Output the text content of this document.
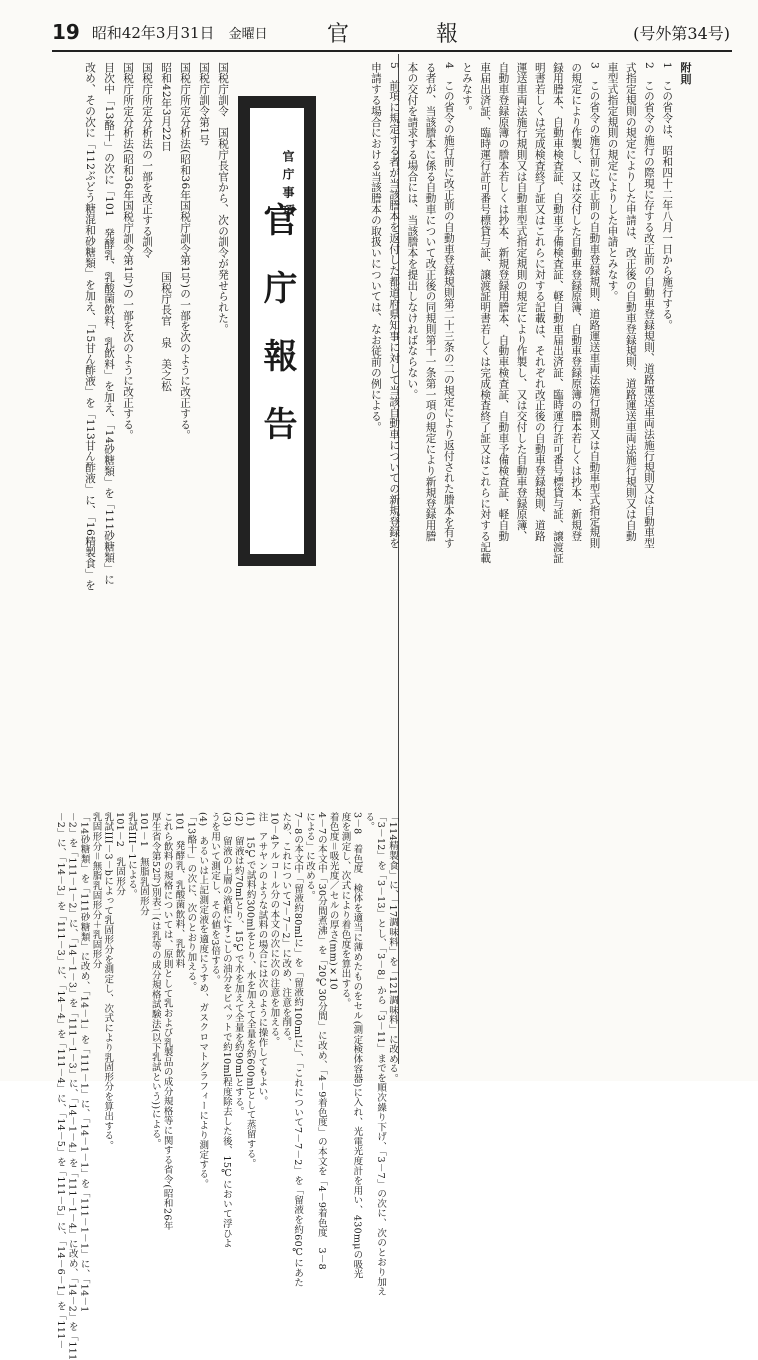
19 昭和42年3月31日 金曜日	官 報	(号外第34号)
附則
官庁報告
官庁事項	1　この省令は、昭和四十二年八月一日から施行する。
2　この省令の施行の際現に存する改正前の自動車登録規則、道路運送車両法施行規則又は自動車型
式指定規則の規定によりした申請は、改正後の自動車登録規則、道路運送車両法施行規則又は自動
車型式指定規則の規定によりした申請とみなす。
3　この省令の施行前に改正前の自動車登録規則、道路運送車両法施行規則又は自動車型式指定規則
の規定により作製し、又は交付した自動車登録原簿、自動車登録原簿の謄本若しくは抄本、新規登
録用謄本、自動車検査証、自動車予備検査証、軽自動車届出済証、臨時運行許可番号標貸与証、譲渡証
明書若しくは完成検査終了証又はこれらに対する記載は、それぞれ改正後の自動車登録規則、道路
運送車両法施行規則又は自動車型式指定規則の規定により作製し、又は交付した自動車登録原簿、
自動車登録原簿の謄本若しくは抄本、新規登録用謄本、自動車検査証、自動車予備検査証、軽自動
車届出済証、臨時運行許可番号標貸与証、譲渡証明書若しくは完成検査終了証又はこれらに対する記載
とみなす。
4　この省令の施行前に改正前の自動車登録規則第二十三条の二の規定により返付された謄本を有す
る者が、当該謄本に係る自動車について改正後の同規則第十一条第一項の規定により新規登録用謄
本の交付を請求する場合には、当該謄本を提出しなければならない。
5　前項に規定する者が当該謄本を返付した都道府県知事に対して当該自動車についての新規登録を
申請する場合における当該謄本の取扱いについては、なお従前の例による。
国税庁訓令　国税庁長官から、次の訓令が発せられた。
国税庁訓令第1号
国税庁所定分析法(昭和36年国税庁訓令第1号)の一部を次のように改正する。
昭和42年3月22日　　　　　　　　　　　国税庁長官　泉　美之松
国税庁所定分析法の一部を改正する訓令
国税庁所定分析法(昭和36年国税庁訓令第1号)の一部を次のように改正する。
目次中「13酪十」の次に「101　発酵乳、乳酸菌飲料、乳飲料」を加え、「14砂糖類」を「111砂糖類」に
改め、その次に「112ぶどう糖混和砂糖類」を加え、「15甘ん酢液」を「113甘ん酢液」に、「16精製食」を
「114精製食」に、「17調味料」を「121調味料」に改める。
「3－12」を「3－13」とし、「3－8」から「3－11」までを順次繰り下げ、「3－7」の次に、次のとおり加え
る。
3－8　着色度　検体を適当に薄めたものをセル(測定検体容器)に入れ、光電光度計を用い、430mμの吸光
度を測定し、次式により着色度を算出する。
着色度＝吸光度／セルの厚さ(mm)×10
4－7の本文中「30分間煮沸」を「20℃30分間」に改め、「4－9着色度」の本文を「4－9着色度　3－8
による」に改める。
7－8の本文中「留液約80mlに」を「留液約100mlに」、「これについて7－7－2」を「留液を約60℃にあた
ため、これについて7－7－2」に改め、注意を削る。
10－4アルコール分の本文の次に次の注意を加える。
注　アサヤンのような試料の場合には次のように操作してもよい。
(1)　15℃で試料約300mlをとり、水を加えて全量を約600mlとして蒸留する。
(2)　留液は約70mlとり、15℃で水を加えて全量を約90mlとする。
(3)　留液の上層の液相にすこしの油分をピペットで約10ml程度除去した後、15℃において浮ひよ
うを用いて測定し、その値を3倍する。
(4)　あるいは上記測定液を適度にうすめ、ガスクロマトグラフィーにより測定する。
「13酪十」の次に、次のとおり加える。
101　発酵乳、乳酸菌飲料、乳飲料
これら飲料の規格については、原則として乳および乳製品の成分規格等に関する省令(昭和26年
厚生省令第52号)別表二(は乳等の成分規格試験法(以下乳試という))による。
101－1　無脂乳固形分
乳試III－1による。
101－2　乳固形分
乳試III－3－bによって乳固形分を測定し、次式により乳固形分を算出する。
乳固形分＝無脂乳固形分＋乳固形分
「14砂糖類」を「111砂糖類」に改め、「14－1」を「111－1」に、「14－1－1」を「111－1－1」に、「14－1
－2」を「111－1－2」に、「14－1－3」を「111－1－3」に、「14－1－4」を「111－1－4」に改め、「14－2」を「111
－2」に、「14－3」を「111－3」に、「14－4」を「111－4」に、「14－5」を「111－5」に、「14－6－1」を「111－
